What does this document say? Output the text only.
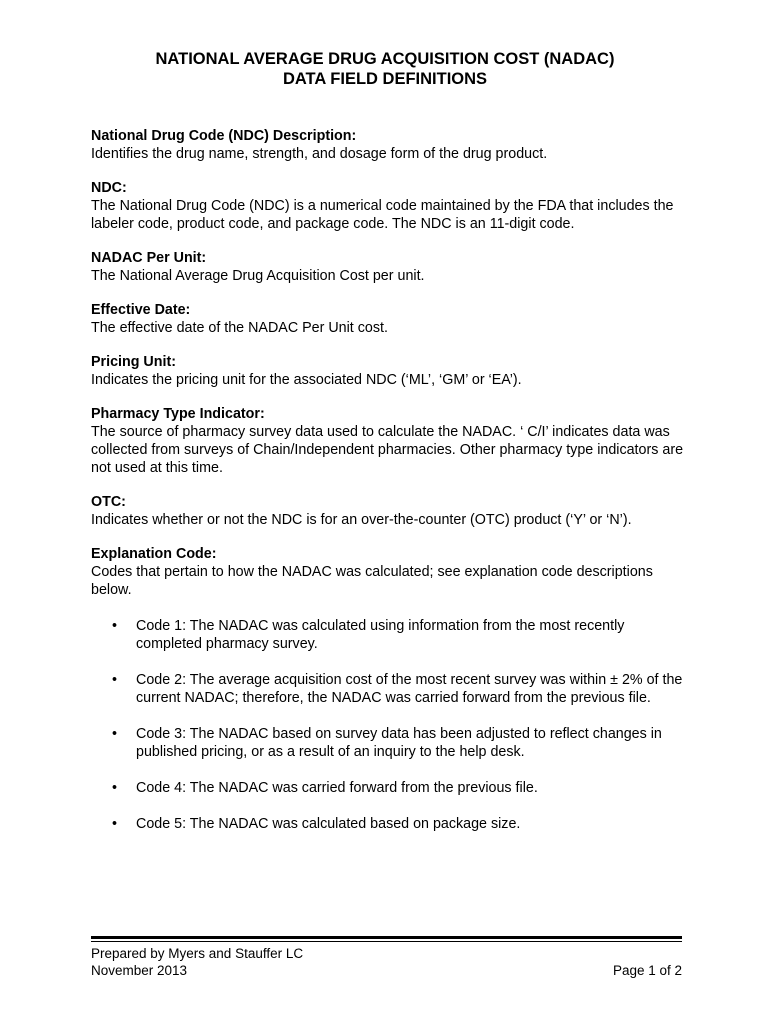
NATIONAL AVERAGE DRUG ACQUISITION COST (NADAC)
DATA FIELD DEFINITIONS
National Drug Code (NDC) Description:
Identifies the drug name, strength, and dosage form of the drug product.
NDC:
The National Drug Code (NDC) is a numerical code maintained by the FDA that includes the labeler code, product code, and package code. The NDC is an 11-digit code.
NADAC Per Unit:
The National Average Drug Acquisition Cost per unit.
Effective Date:
The effective date of the NADAC Per Unit cost.
Pricing Unit:
Indicates the pricing unit for the associated NDC (‘ML’, ‘GM’ or ‘EA’).
Pharmacy Type Indicator:
The source of pharmacy survey data used to calculate the NADAC. ‘ C/I’ indicates data was collected from surveys of Chain/Independent pharmacies. Other pharmacy type indicators are not used at this time.
OTC:
Indicates whether or not the NDC is for an over-the-counter (OTC) product (‘Y’ or ‘N’).
Explanation Code:
Codes that pertain to how the NADAC was calculated; see explanation code descriptions below.
• Code 1: The NADAC was calculated using information from the most recently completed pharmacy survey.
• Code 2: The average acquisition cost of the most recent survey was within ± 2% of the current NADAC; therefore, the NADAC was carried forward from the previous file.
• Code 3: The NADAC based on survey data has been adjusted to reflect changes in published pricing, or as a result of an inquiry to the help desk.
• Code 4: The NADAC was carried forward from the previous file.
• Code 5: The NADAC was calculated based on package size.
Prepared by Myers and Stauffer LC
November 2013	Page 1 of 2
